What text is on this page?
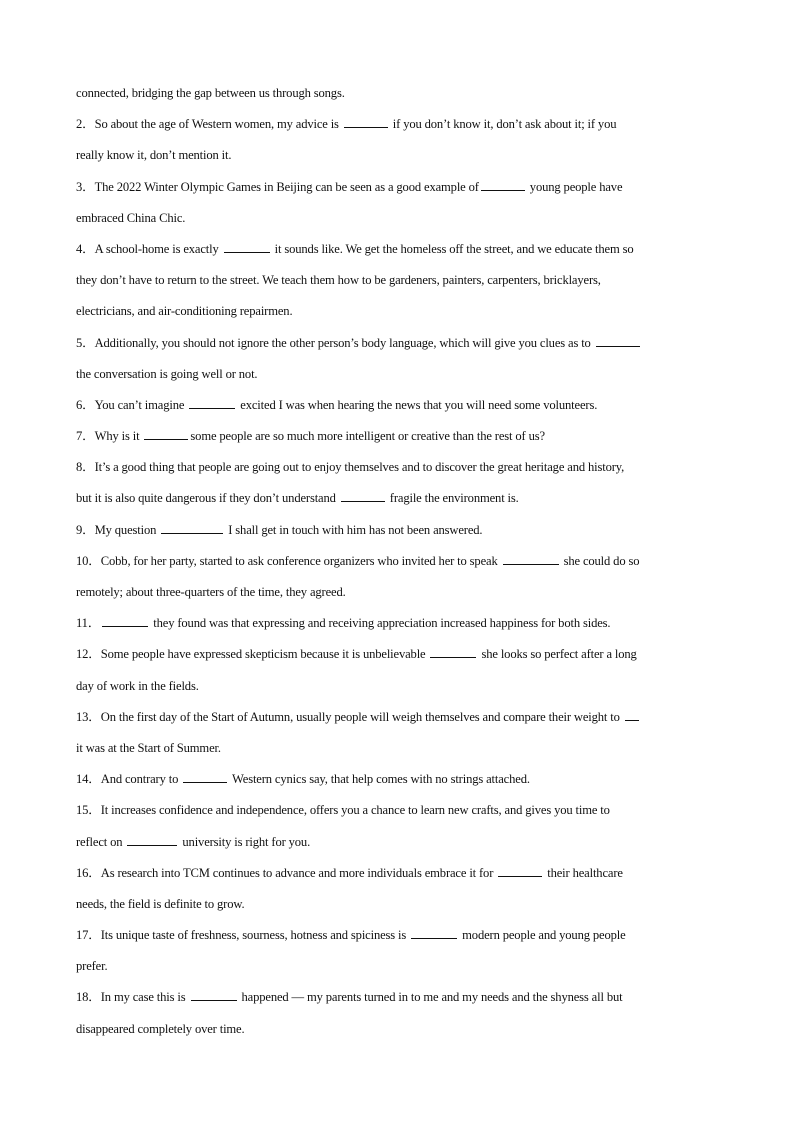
connected, bridging the gap between us through songs.
2．So about the age of Western women, my advice is	if you don’t know it, don’t ask about it; if you
really know it, don’t mention it.
3．The 2022 Winter Olympic Games in Beijing can be seen as a good example of	young people have
embraced China Chic.
4．A school-home is exactly	it sounds like. We get the homeless off the street, and we educate them so
they don’t have to return to the street. We teach them how to be gardeners, painters, carpenters, bricklayers,
electricians, and air-conditioning repairmen.
5．Additionally, you should not ignore the other person’s body language, which will give you clues as to
the conversation is going well or not.
6．You can’t imagine	excited I was when hearing the news that you will need some volunteers.
7．Why is it	some people are so much more intelligent or creative than the rest of us?
8．It’s a good thing that people are going out to enjoy themselves and to discover the great heritage and history,
but it is also quite dangerous if they don’t understand	fragile the environment is.
9．My question	I shall get in touch with him has not been answered.
10．Cobb, for her party, started to ask conference organizers who invited her to speak	she could do so
remotely; about three-quarters of the time, they agreed.
11．	they found was that expressing and receiving appreciation increased happiness for both sides.
12．Some people have expressed skepticism because it is unbelievable	she looks so perfect after a long
day of work in the fields.
13．On the first day of the Start of Autumn, usually people will weigh themselves and compare their weight to
it was at the Start of Summer.
14．And contrary to	Western cynics say, that help comes with no strings attached.
15．It increases confidence and independence, offers you a chance to learn new crafts, and gives you time to
reflect on	university is right for you.
16．As research into TCM continues to advance and more individuals embrace it for	their healthcare
needs, the field is definite to grow.
17．Its unique taste of freshness, sourness, hotness and spiciness is	modern people and young people
prefer.
18．In my case this is	happened — my parents turned in to me and my needs and the shyness all but
disappeared completely over time.
